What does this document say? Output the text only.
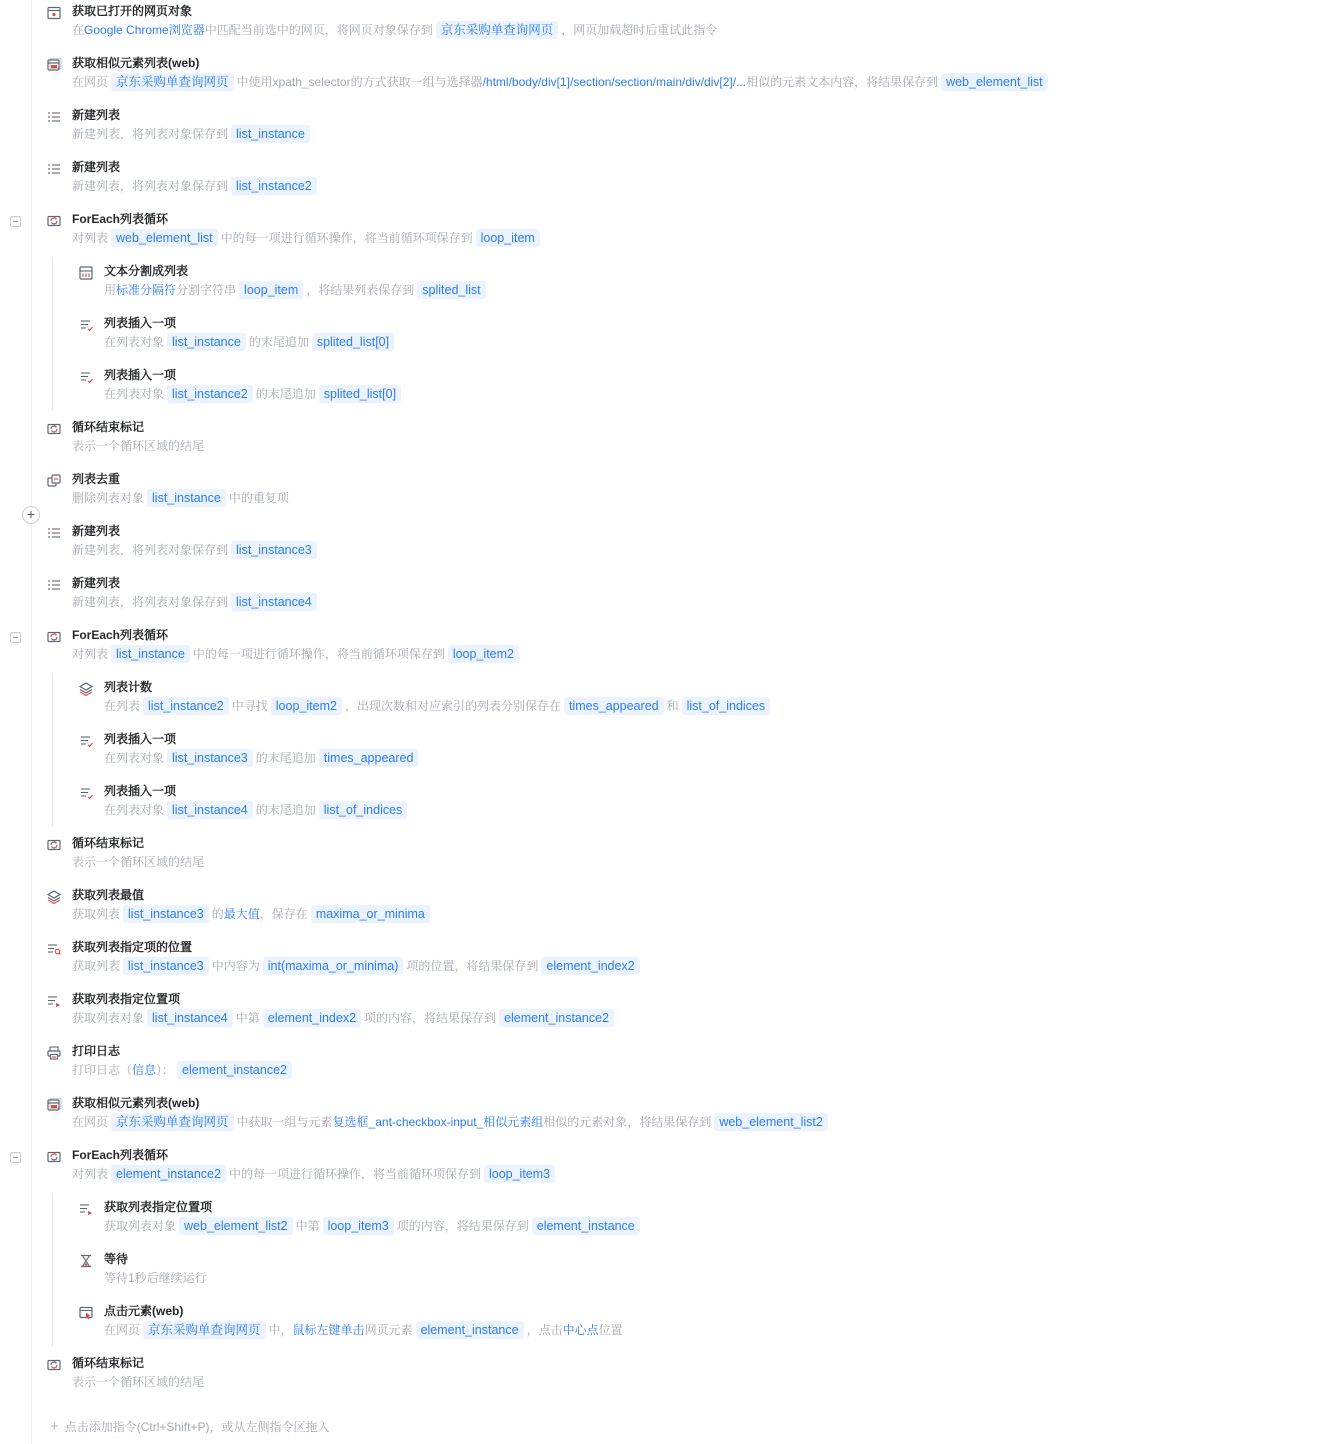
获取已打开的网页对象
在Google Chrome浏览器中匹配当前选中的网页，将网页对象保存到 京东采购单查询网页 ，网页加载超时后重试此指令
获取相似元素列表(web)
在网页 京东采购单查询网页 中使用xpath_selector的方式获取一组与选择器/html/body/div[1]/section/section/main/div/div[2]/...相似的元素文本内容，将结果保存到 web_element_list
新建列表
新建列表，将列表对象保存到 list_instance
新建列表
新建列表，将列表对象保存到 list_instance2
ForEach列表循环
对列表 web_element_list 中的每一项进行循环操作，将当前循环项保存到 loop_item
文本分割成列表
用标准分隔符分割字符串 loop_item ，将结果列表保存到 splited_list
列表插入一项
在列表对象 list_instance 的末尾追加 splited_list[0]
列表插入一项
在列表对象 list_instance2 的末尾追加 splited_list[0]
循环结束标记
表示一个循环区域的结尾
列表去重
删除列表对象 list_instance 中的重复项
新建列表
新建列表，将列表对象保存到 list_instance3
新建列表
新建列表，将列表对象保存到 list_instance4
ForEach列表循环
对列表 list_instance 中的每一项进行循环操作，将当前循环项保存到 loop_item2
列表计数
在列表 list_instance2 中寻找 loop_item2 ，出现次数和对应索引的列表分别保存在 times_appeared 和 list_of_indices
列表插入一项
在列表对象 list_instance3 的末尾追加 times_appeared
列表插入一项
在列表对象 list_instance4 的末尾追加 list_of_indices
循环结束标记
表示一个循环区域的结尾
获取列表最值
获取列表 list_instance3 的最大值，保存在 maxima_or_minima
获取列表指定项的位置
获取列表 list_instance3 中内容为 int(maxima_or_minima) 项的位置，将结果保存到 element_index2
获取列表指定位置项
获取列表对象 list_instance4 中第 element_index2 项的内容，将结果保存到 element_instance2
打印日志
打印日志（信息）： element_instance2
获取相似元素列表(web)
在网页 京东采购单查询网页 中获取一组与元素复选框_ant-checkbox-input_相似元素组相似的元素对象，将结果保存到 web_element_list2
ForEach列表循环
对列表 element_instance2 中的每一项进行循环操作，将当前循环项保存到 loop_item3
获取列表指定位置项
获取列表对象 web_element_list2 中第 loop_item3 项的内容，将结果保存到 element_instance
等待
等待1秒后继续运行
点击元素(web)
在网页 京东采购单查询网页 中，鼠标左键单击网页元素 element_instance ，点击中心点位置
循环结束标记
表示一个循环区域的结尾
+
+ 点击添加指令(Ctrl+Shift+P)，或从左侧指令区拖入
